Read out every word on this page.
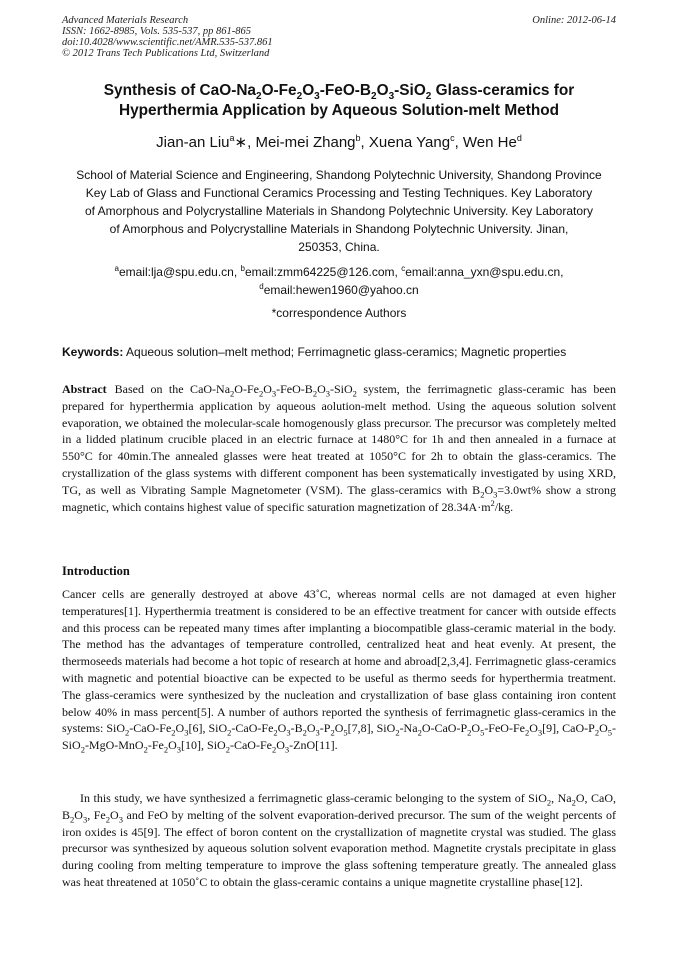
Advanced Materials Research
ISSN: 1662-8985, Vols. 535-537, pp 861-865
doi:10.4028/www.scientific.net/AMR.535-537.861
© 2012 Trans Tech Publications Ltd, Switzerland
Online: 2012-06-14
Synthesis of CaO-$Na_2O-Fe_2O_3-FeO-B_2O_3-SiO_2$ Glass-ceramics for
Hyperthermia Application by Aqueous Solution-melt Method
Jian-an Liu$^a$∗, Mei-mei Zhang$^b$, Xuena Yang$^c$, Wen He$^d$
School of Material Science and Engineering, Shandong Polytechnic University, Shandong Province
Key Lab of Glass and Functional Ceramics Processing and Testing Techniques. Key Laboratory
of Amorphous and Polycrystalline Materials in Shandong Polytechnic University. Key Laboratory
of Amorphous and Polycrystalline Materials in Shandong Polytechnic University. Jinan,
250353, China.
$^a$email:lja@spu.edu.cn, $^b$email:zmm64225@126.com, $^c$email:anna_yxn@spu.edu.cn,
$^d$email:hewen1960@yahoo.cn
*correspondence Authors
Keywords: Aqueous solution–melt method; Ferrimagnetic glass-ceramics; Magnetic properties
Abstract Based on the CaO-$Na_2O-Fe_2O_3-FeO-B_2O_3-SiO_2$ system, the ferrimagnetic glass-ceramic has been prepared for hyperthermia application by aqueous aolution-melt method. Using the aqueous solution solvent evaporation, we obtained the molecular-scale homogenously glass precursor. The precursor was completely melted in a lidded platinum crucible placed in an electric furnace at 1480°C for 1h and then annealed in a furnace at 550°C for 40min.The annealed glasses were heat treated at 1050°C for 2h to obtain the glass-ceramics. The crystallization of the glass systems with different component has been systematically investigated by using XRD, TG, as well as Vibrating Sample Magnetometer (VSM). The glass-ceramics with $B_2O_3=3.0wt\%$ show a strong magnetic, which contains highest value of specific saturation magnetization of $28.34A\cdot m^2/kg$.
Introduction
Cancer cells are generally destroyed at above 43˚C, whereas normal cells are not damaged at even higher temperatures[1]. Hyperthermia treatment is considered to be an effective treatment for cancer with outside effects and this process can be repeated many times after implanting a biocompatible glass-ceramic material in the body. The method has the advantages of temperature controlled, centralized heat and heat evenly. At present, the thermoseeds materials had become a hot topic of research at home and abroad[2,3,4]. Ferrimagnetic glass-ceramics with magnetic and potential bioactive can be expected to be useful as thermo seeds for hyperthermia treatment. The glass-ceramics were synthesized by the nucleation and crystallization of base glass containing iron content below 40% in mass percent[5]. A number of authors reported the synthesis of ferrimagnetic glass-ceramics in the systems: $SiO_2-CaO-Fe_2O_3[6]$, $SiO_2-CaO-Fe_2O_3-B_2O_3-P_2O_5[7,8]$, $SiO_2-Na_2O-CaO-P_2O_5-FeO-Fe_2O_3[9]$, CaO-$P_2O_5-SiO_2-MgO-MnO_2-Fe_2O_3[10]$, $SiO_2-CaO-Fe_2O_3-ZnO[11]$.
In this study, we have synthesized a ferrimagnetic glass-ceramic belonging to the system of SiO$_2$, $Na_2O$, CaO, $B_2O_3$, $Fe_2O_3$ and FeO by melting of the solvent evaporation-derived precursor. The sum of the weight percents of iron oxides is 45[9]. The effect of boron content on the crystallization of magnetite crystal was studied. The glass precursor was synthesized by aqueous solution solvent evaporation method. Magnetite crystals precipitate in glass during cooling from melting temperature to improve the glass softening temperature greatly. The annealed glass was heat threatened at 1050˚C to obtain the glass-ceramic contains a unique magnetite crystalline phase[12].
